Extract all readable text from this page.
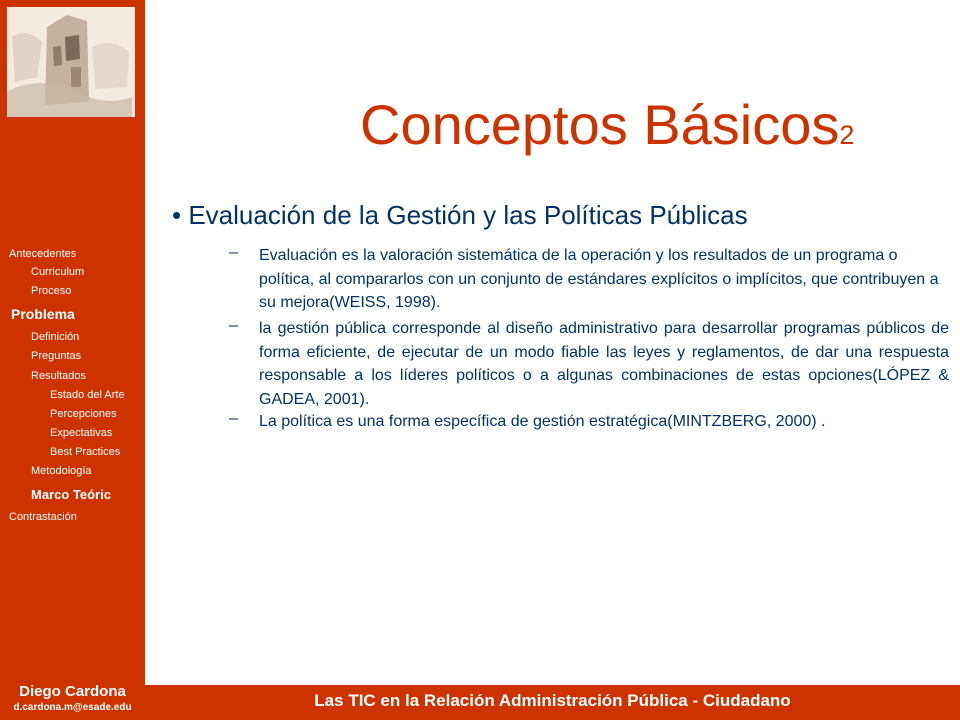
Antecedentes
Curriculum
Proceso
Problema
Definición
Preguntas
Resultados
Estado del Arte
Percepciones
Expectativas
Best Practices
Metodología
Marco Teóric
Contrastación
Conceptos Básicos2
• Evaluación de la Gestión y las Políticas Públicas
– Evaluación es la valoración sistemática de la operación y los resultados de un programa o política, al compararlos con un conjunto de estándares explícitos o implícitos, que contribuyen a su mejora(WEISS, 1998).
– la gestión pública corresponde al diseño administrativo para desarrollar programas públicos de forma eficiente, de ejecutar de un modo fiable las leyes y reglamentos, de dar una respuesta responsable a los líderes políticos o a algunas combinaciones de estas opciones(LÓPEZ & GADEA, 2001).
– La política es una forma específica de gestión estratégica(MINTZBERG, 2000) .
Las TIC en la Relación Administración Pública - Ciudadano
Diego Cardona
d.cardona.m@esade.edu
